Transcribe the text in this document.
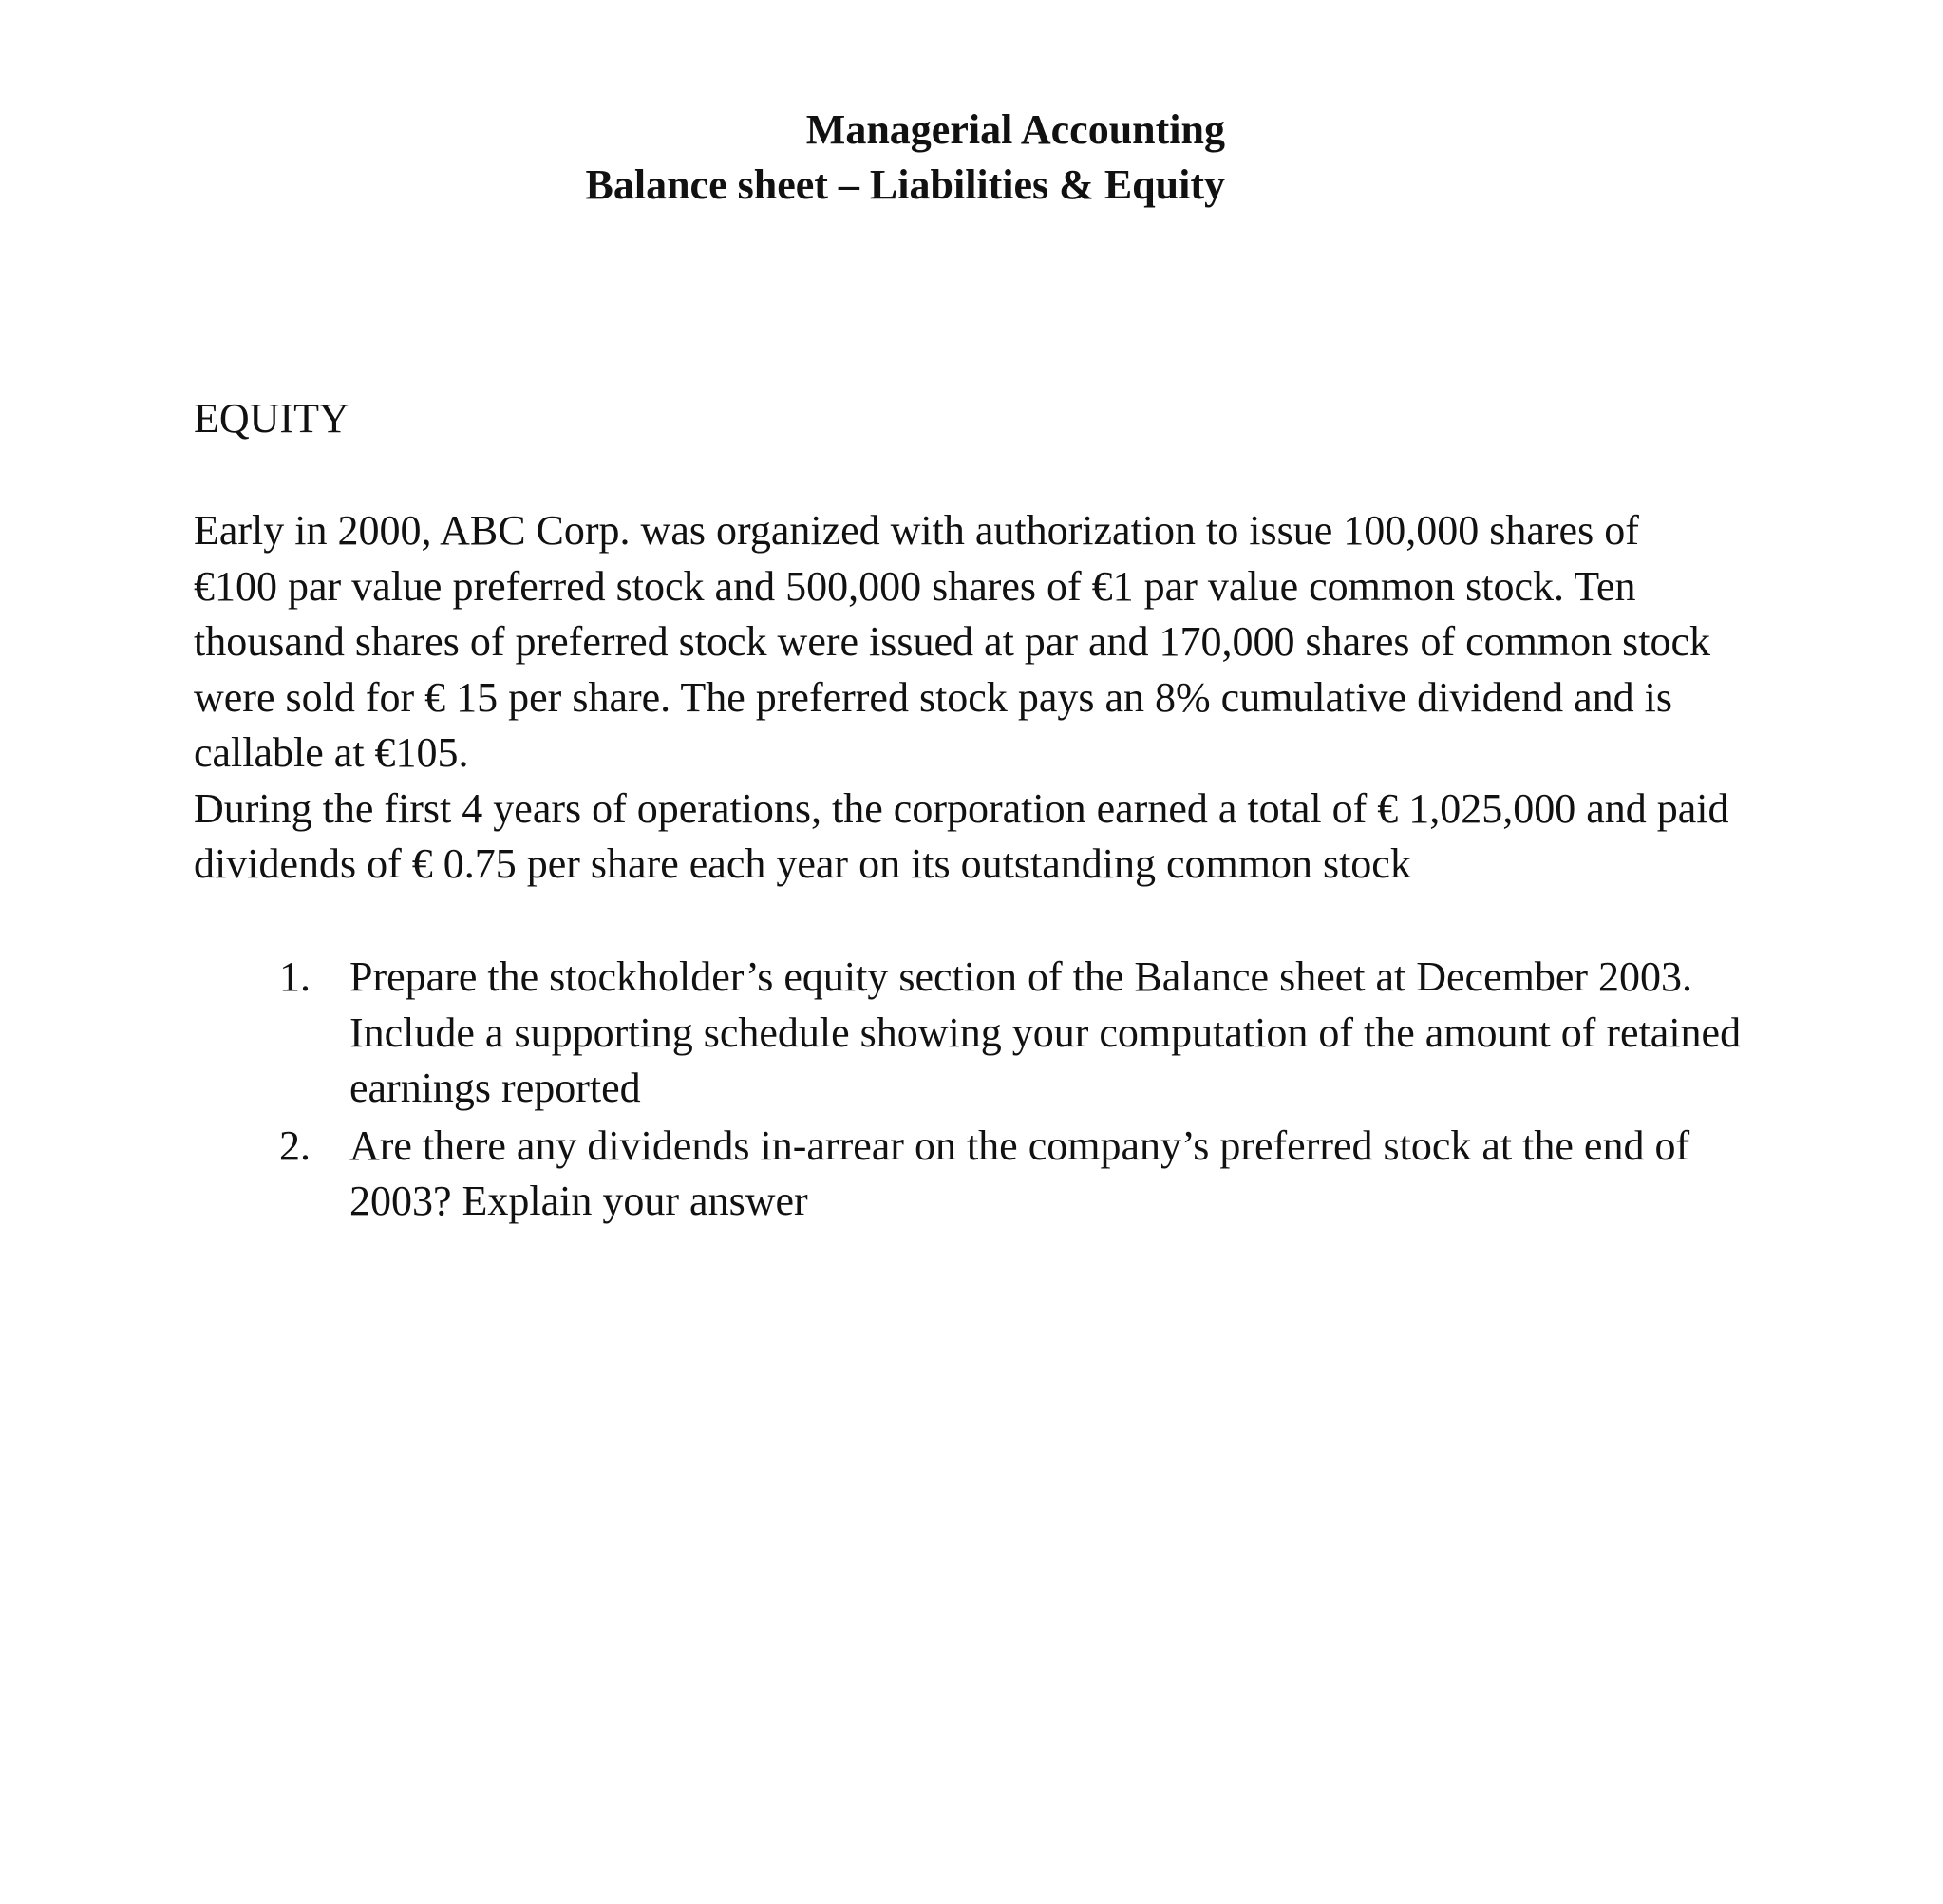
Managerial Accounting
Balance sheet – Liabilities & Equity
EQUITY
Early in 2000, ABC Corp. was organized with authorization to issue 100,000 shares of
€100 par value preferred stock and 500,000 shares of €1 par value common stock. Ten
thousand shares of preferred stock were issued at par and 170,000 shares of common stock
were sold for € 15 per share. The preferred stock pays an 8% cumulative dividend and is
callable at €105.
During the first 4 years of operations, the corporation earned a total of € 1,025,000 and paid
dividends of € 0.75 per share each year on its outstanding common stock
1. Prepare the stockholder’s equity section of the Balance sheet at December 2003.
Include a supporting schedule showing your computation of the amount of retained
earnings reported
2. Are there any dividends in-arrear on the company’s preferred stock at the end of
2003? Explain your answer
